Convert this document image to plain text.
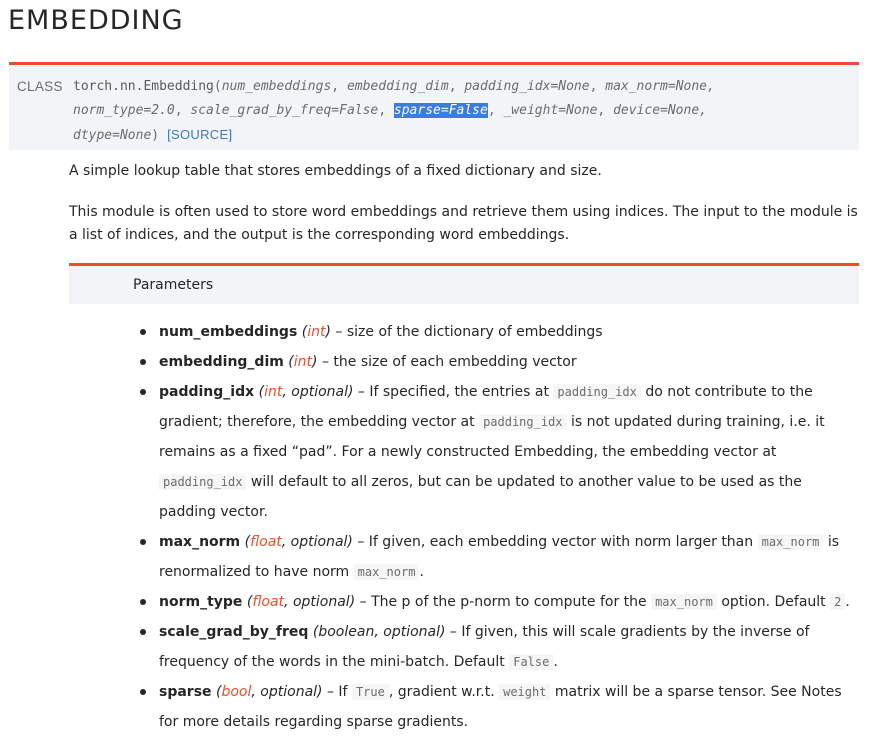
EMBEDDING
CLASS torch.nn.Embedding(num_embeddings, embedding_dim, padding_idx=None, max_norm=None,
norm_type=2.0, scale_grad_by_freq=False, sparse=False, _weight=None, device=None,
dtype=None) [SOURCE]

A simple lookup table that stores embeddings of a fixed dictionary and size.

This module is often used to store word embeddings and retrieve them using indices. The input to the module is a list of indices, and the output is the corresponding word embeddings.

Parameters
num_embeddings (int) – size of the dictionary of embeddings
embedding_dim (int) – the size of each embedding vector
padding_idx (int, optional) – If specified, the entries at padding_idx do not contribute to the gradient; therefore, the embedding vector at padding_idx is not updated during training, i.e. it remains as a fixed “pad”. For a newly constructed Embedding, the embedding vector at padding_idx will default to all zeros, but can be updated to another value to be used as the padding vector.
max_norm (float, optional) – If given, each embedding vector with norm larger than max_norm is renormalized to have norm max_norm .
norm_type (float, optional) – The p of the p-norm to compute for the max_norm option. Default 2 .
scale_grad_by_freq (boolean, optional) – If given, this will scale gradients by the inverse of frequency of the words in the mini-batch. Default False .
sparse (bool, optional) – If True , gradient w.r.t. weight matrix will be a sparse tensor. See Notes for more details regarding sparse gradients.
